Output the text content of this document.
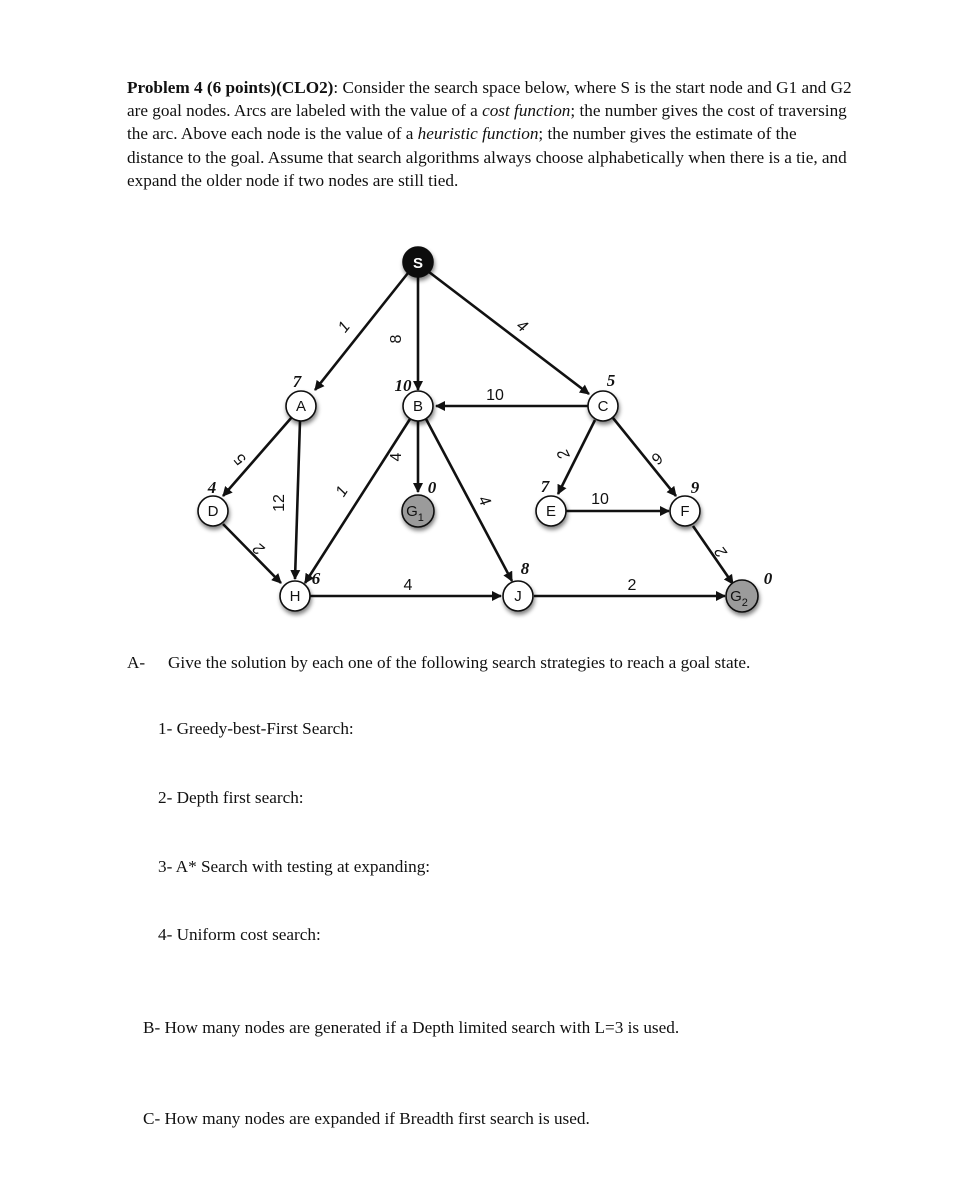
Problem 4 (6 points)(CLO2): Consider the search space below, where S is the start node and G1 and G2 are goal nodes. Arcs are labeled with the value of a cost function; the number gives the cost of traversing the arc. Above each node is the value of a heuristic function; the number gives the estimate of the distance to the goal. Assume that search algorithms always choose alphabetically when there is a tie, and expand the older node if two nodes are still tied.
1
8
4
10
5
12
2
4
1
4
2	6
10
4	2
2
S
A	B	C
D	$G_1$	E	F
H	J	$G_2$
7	10	5
4	0	7	9
6
8
0
A- Give the solution by each one of the following search strategies to reach a goal state.
1- Greedy-best-First Search:
2- Depth first search:
3- A* Search with testing at expanding:
4- Uniform cost search:
B- How many nodes are generated if a Depth limited search with L=3 is used.
C- How many nodes are expanded if Breadth first search is used.
